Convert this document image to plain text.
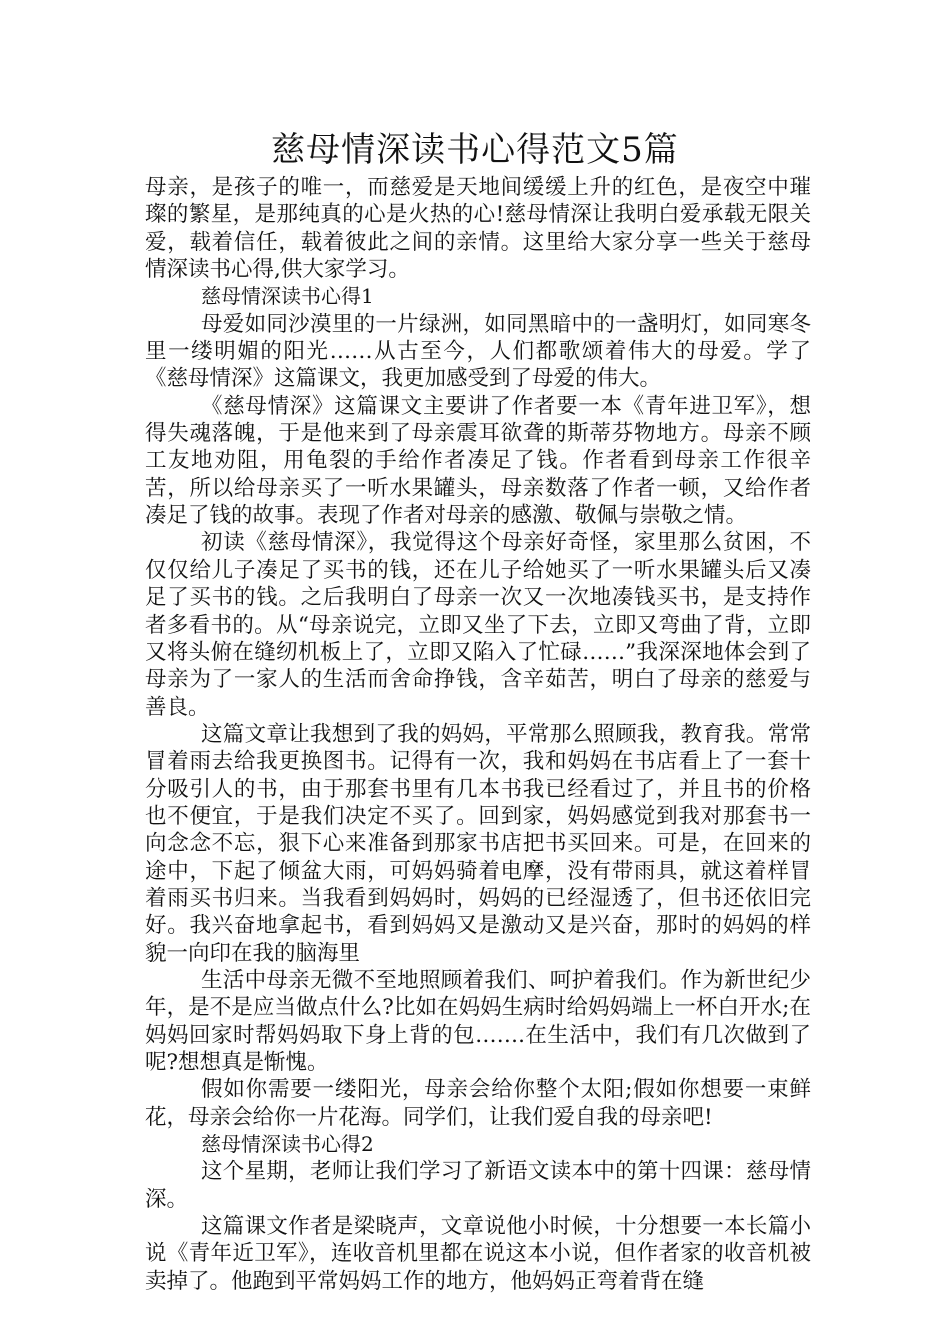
慈母情深读书心得范文5篇

母亲，是孩子的唯一，而慈爱是天地间缓缓上升的红色，是夜空中璀璨的繁星，是那纯真的心是火热的心!慈母情深让我明白爱承载无限关爱，载着信任，载着彼此之间的亲情。这里给大家分享一些关于慈母情深读书心得,供大家学习。

慈母情深读书心得1

母爱如同沙漠里的一片绿洲，如同黑暗中的一盏明灯，如同寒冬里一缕明媚的阳光……从古至今，人们都歌颂着伟大的母爱。学了《慈母情深》这篇课文，我更加感受到了母爱的伟大。

《慈母情深》这篇课文主要讲了作者要一本《青年进卫军》，想得失魂落魄，于是他来到了母亲震耳欲聋的斯蒂芬物地方。母亲不顾工友地劝阻，用龟裂的手给作者凑足了钱。作者看到母亲工作很辛苦，所以给母亲买了一听水果罐头，母亲数落了作者一顿，又给作者凑足了钱的故事。表现了作者对母亲的感激、敬佩与崇敬之情。

初读《慈母情深》，我觉得这个母亲好奇怪，家里那么贫困，不仅仅给儿子凑足了买书的钱，还在儿子给她买了一听水果罐头后又凑足了买书的钱。之后我明白了母亲一次又一次地凑钱买书，是支持作者多看书的。从“母亲说完，立即又坐了下去，立即又弯曲了背，立即又将头俯在缝纫机板上了，立即又陷入了忙碌……”我深深地体会到了母亲为了一家人的生活而舍命挣钱，含辛茹苦，明白了母亲的慈爱与善良。

这篇文章让我想到了我的妈妈，平常那么照顾我，教育我。常常冒着雨去给我更换图书。记得有一次，我和妈妈在书店看上了一套十分吸引人的书，由于那套书里有几本书我已经看过了，并且书的价格也不便宜，于是我们决定不买了。回到家，妈妈感觉到我对那套书一向念念不忘，狠下心来准备到那家书店把书买回来。可是，在回来的途中，下起了倾盆大雨，可妈妈骑着电摩，没有带雨具，就这着样冒着雨买书归来。当我看到妈妈时，妈妈的已经湿透了，但书还依旧完好。我兴奋地拿起书，看到妈妈又是激动又是兴奋，那时的妈妈的样貌一向印在我的脑海里

生活中母亲无微不至地照顾着我们、呵护着我们。作为新世纪少年，是不是应当做点什么?比如在妈妈生病时给妈妈端上一杯白开水;在妈妈回家时帮妈妈取下身上背的包…….在生活中，我们有几次做到了呢?想想真是惭愧。

假如你需要一缕阳光，母亲会给你整个太阳;假如你想要一束鲜花，母亲会给你一片花海。同学们，让我们爱自我的母亲吧!

慈母情深读书心得2

这个星期，老师让我们学习了新语文读本中的第十四课：慈母情深。

这篇课文作者是梁晓声，文章说他小时候，十分想要一本长篇小说《青年近卫军》，连收音机里都在说这本小说，但作者家的收音机被卖掉了。他跑到平常妈妈工作的地方，他妈妈正弯着背在缝
